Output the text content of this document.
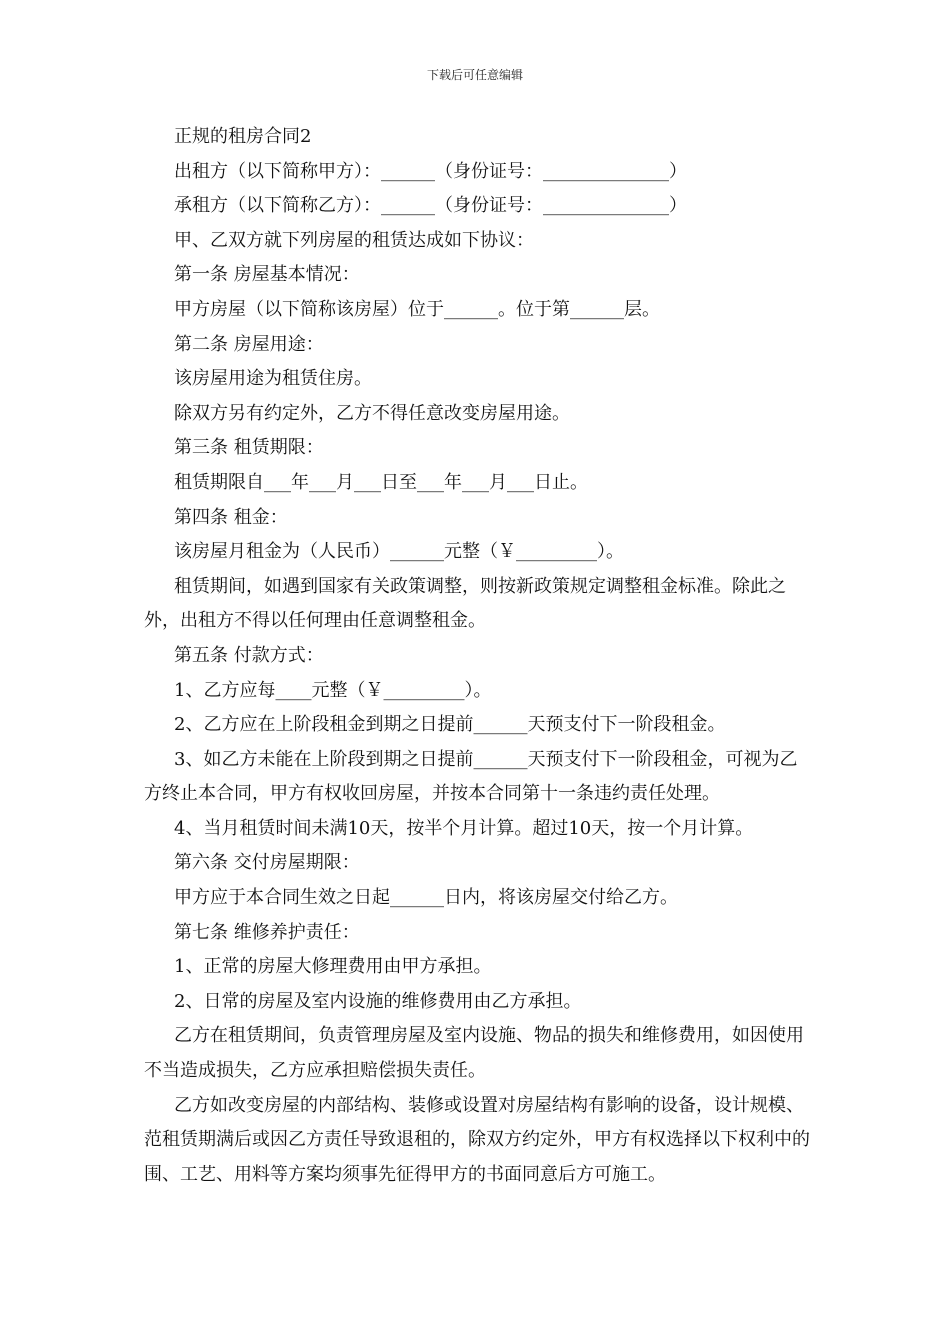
下载后可任意编辑

正规的租房合同2

出租方（以下简称甲方）：______（身份证号：______________）

承租方（以下简称乙方）：______（身份证号：______________）

甲、乙双方就下列房屋的租赁达成如下协议：

第一条 房屋基本情况：

甲方房屋（以下简称该房屋）位于______。位于第______层。

第二条 房屋用途：

该房屋用途为租赁住房。

除双方另有约定外，乙方不得任意改变房屋用途。

第三条 租赁期限：

租赁期限自___年___月___日至___年___月___日止。

第四条 租金：

该房屋月租金为（人民币）______元整（￥_________）。

租赁期间，如遇到国家有关政策调整，则按新政策规定调整租金标准。除此之外，出租方不得以任何理由任意调整租金。

第五条 付款方式：

1、乙方应每____元整（￥_________）。

2、乙方应在上阶段租金到期之日提前______天预支付下一阶段租金。

3、如乙方未能在上阶段到期之日提前______天预支付下一阶段租金，可视为乙方终止本合同，甲方有权收回房屋，并按本合同第十一条违约责任处理。

4、当月租赁时间未满10天，按半个月计算。超过10天，按一个月计算。

第六条 交付房屋期限：

甲方应于本合同生效之日起______日内，将该房屋交付给乙方。

第七条 维修养护责任：

1、正常的房屋大修理费用由甲方承担。

2、日常的房屋及室内设施的维修费用由乙方承担。

乙方在租赁期间，负责管理房屋及室内设施、物品的损失和维修费用，如因使用不当造成损失，乙方应承担赔偿损失责任。

乙方如改变房屋的内部结构、装修或设置对房屋结构有影响的设备，设计规模、范租赁期满后或因乙方责任导致退租的，除双方约定外，甲方有权选择以下权利中的围、工艺、用料等方案均须事先征得甲方的书面同意后方可施工。
